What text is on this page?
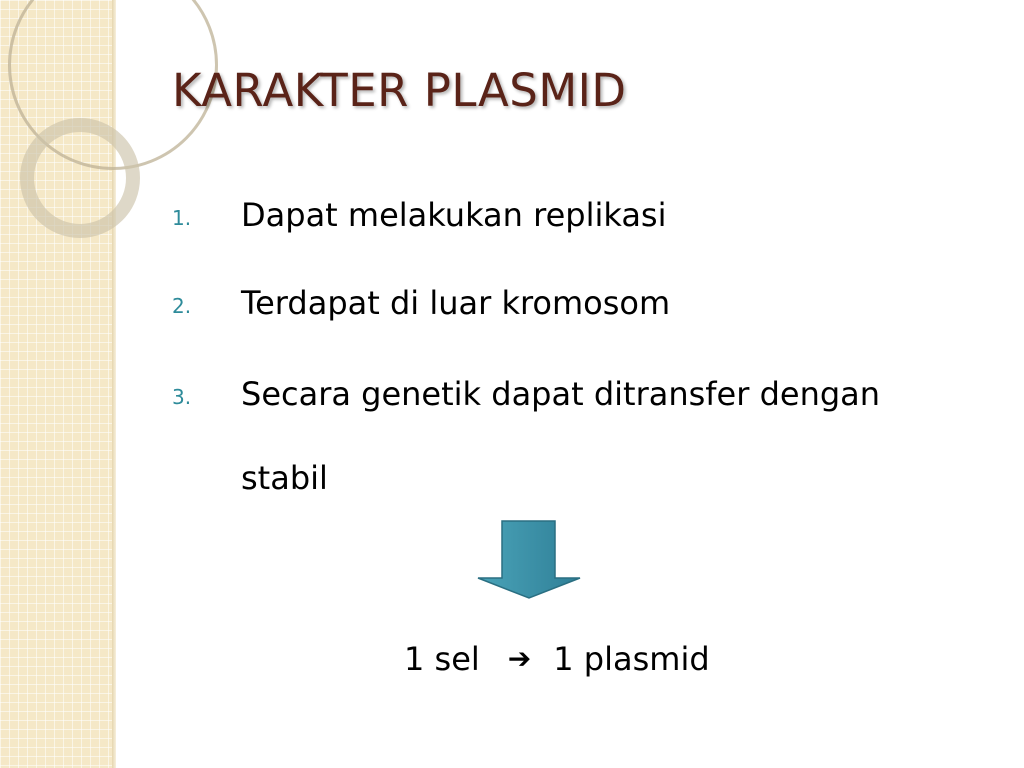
KARAKTER PLASMID
1. Dapat melakukan replikasi
2. Terdapat di luar kromosom
3. Secara genetik dapat ditransfer dengan
stabil
1 sel ➔ 1 plasmid
